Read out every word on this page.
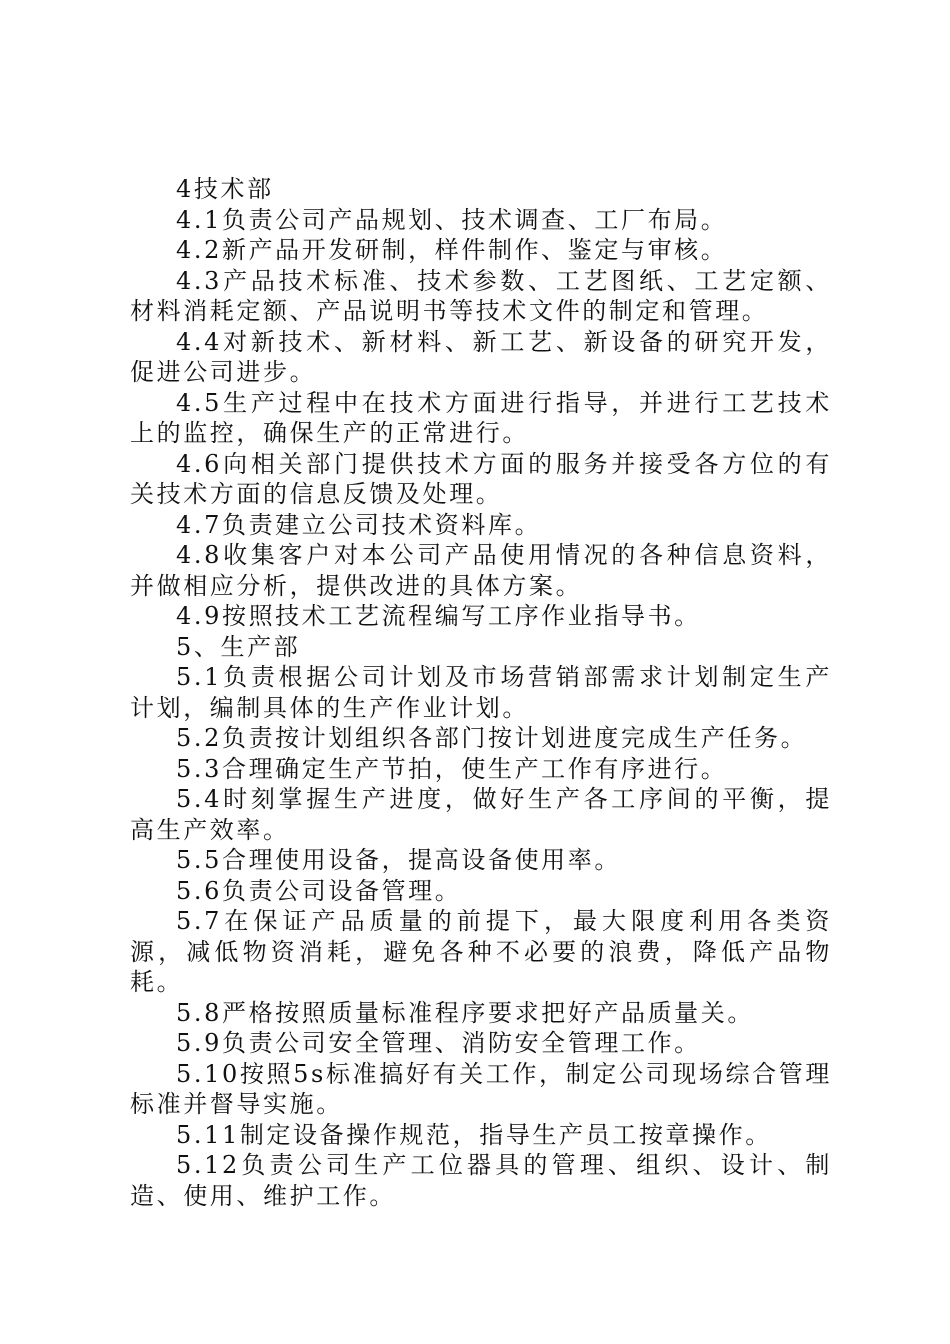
4技术部

4.1负责公司产品规划、技术调查、工厂布局。

4.2新产品开发研制，样件制作、鉴定与审核。

4.3产品技术标准、技术参数、工艺图纸、工艺定额、材料消耗定额、产品说明书等技术文件的制定和管理。

4.4对新技术、新材料、新工艺、新设备的研究开发，促进公司进步。

4.5生产过程中在技术方面进行指导，并进行工艺技术上的监控，确保生产的正常进行。

4.6向相关部门提供技术方面的服务并接受各方位的有关技术方面的信息反馈及处理。

4.7负责建立公司技术资料库。

4.8收集客户对本公司产品使用情况的各种信息资料，并做相应分析，提供改进的具体方案。

4.9按照技术工艺流程编写工序作业指导书。

5、生产部

5.1负责根据公司计划及市场营销部需求计划制定生产计划，编制具体的生产作业计划。

5.2负责按计划组织各部门按计划进度完成生产任务。

5.3合理确定生产节拍，使生产工作有序进行。

5.4时刻掌握生产进度，做好生产各工序间的平衡，提高生产效率。

5.5合理使用设备，提高设备使用率。

5.6负责公司设备管理。

5.7在保证产品质量的前提下，最大限度利用各类资源，减低物资消耗，避免各种不必要的浪费，降低产品物耗。

5.8严格按照质量标准程序要求把好产品质量关。

5.9负责公司安全管理、消防安全管理工作。

5.10按照5s标准搞好有关工作，制定公司现场综合管理标准并督导实施。

5.11制定设备操作规范，指导生产员工按章操作。

5.12负责公司生产工位器具的管理、组织、设计、制造、使用、维护工作。
